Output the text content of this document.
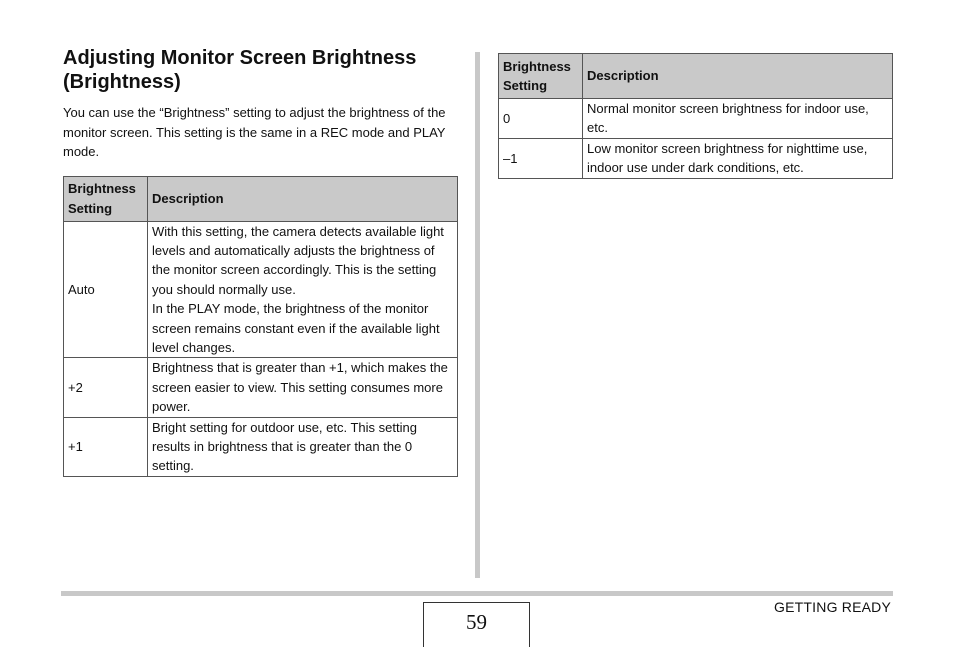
Adjusting Monitor Screen Brightness
(Brightness)

You can use the “Brightness” setting to adjust the brightness of the monitor screen. This setting is the same in a REC mode and PLAY mode.

Brightness
Setting	Description
Auto	With this setting, the camera detects available light levels and automatically adjusts the brightness of the monitor screen accordingly. This is the setting you should normally use.
In the PLAY mode, the brightness of the monitor screen remains constant even if the available light level changes.
+2	Brightness that is greater than +1, which makes the screen easier to view. This setting consumes more power.
+1	Bright setting for outdoor use, etc. This setting results in brightness that is greater than the 0 setting.
Brightness
Setting	Description
0	Normal monitor screen brightness for indoor use, etc.
–1	Low monitor screen brightness for nighttime use, indoor use under dark conditions, etc.
59
GETTING READY
